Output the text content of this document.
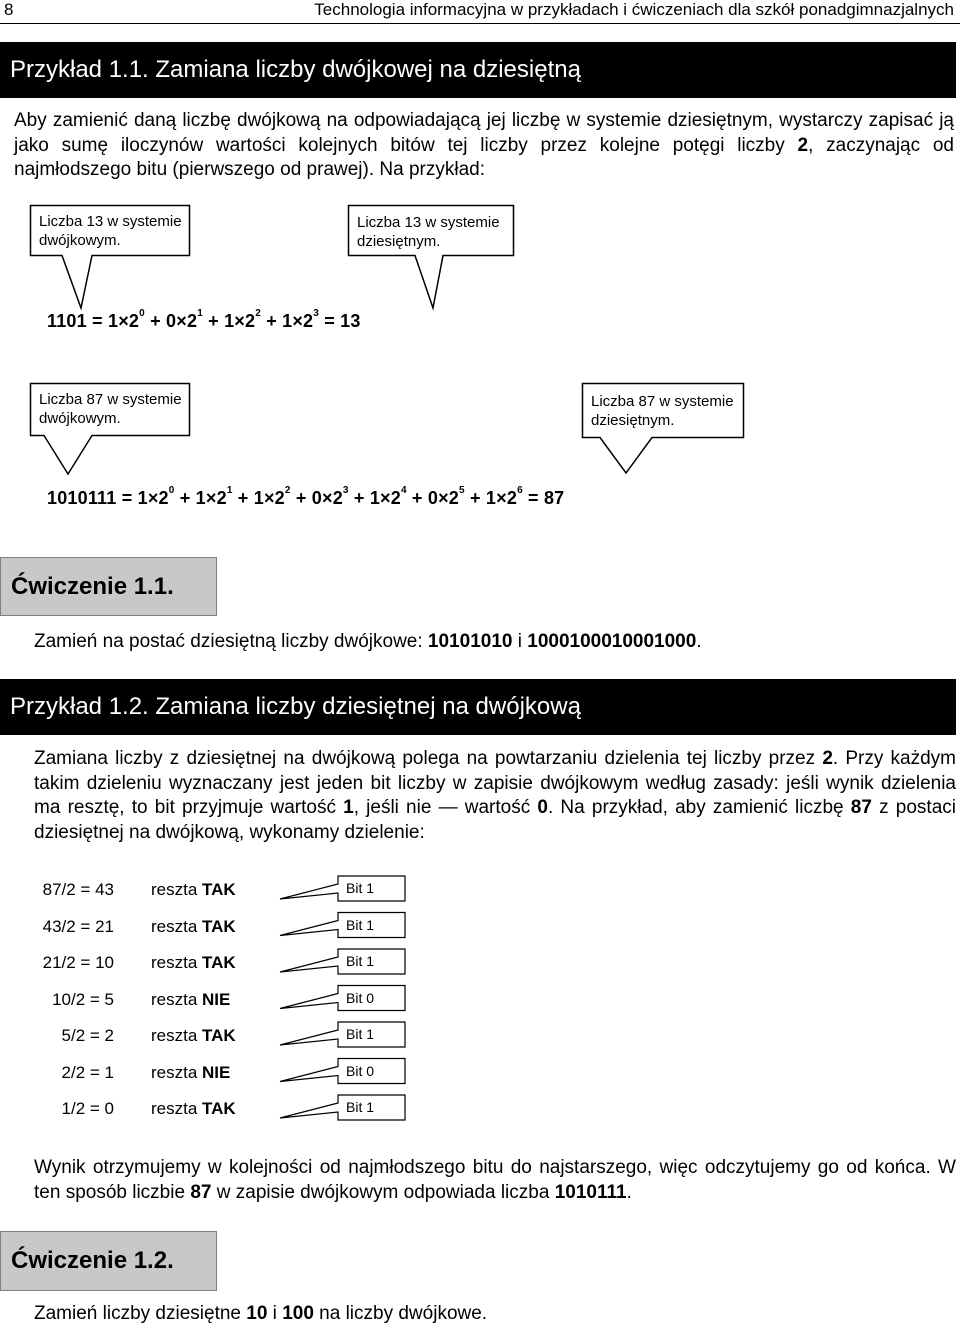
8	Technologia informacyjna w przykładach i ćwiczeniach dla szkół ponadgimnazjalnych
Przykład 1.1. Zamiana liczby dwójkowej na dziesiętną
Aby zamienić daną liczbę dwójkową na odpowiadającą jej liczbę w systemie dziesiętnym, wystarczy zapisać ją jako sumę iloczynów wartości kolejnych bitów tej liczby przez kolejne potęgi liczby 2, zaczynając od najmłodszego bitu (pierwszego od prawej). Na przykład:
Liczba 13 w systemie
dwójkowym.
Liczba 13 w systemie
dziesiętnym.
$1101 = 1\times 2^0 + 0\times 2^1 + 1\times 2^2 + 1\times 2^3 = 13$
Liczba 87 w systemie
dwójkowym.
Liczba 87 w systemie
dziesiętnym.
$1010111 = 1\times 2^0 + 1\times 2^1 + 1\times 2^2 + 0\times 2^3 + 1\times 2^4 + 0\times 2^5 + 1\times 2^6 = 87$
Ćwiczenie 1.1.
Zamień na postać dziesiętną liczby dwójkowe: 10101010 i 1000100010001000.
Przykład 1.2. Zamiana liczby dziesiętnej na dwójkową
Zamiana liczby z dziesiętnej na dwójkową polega na powtarzaniu dzielenia tej liczby przez 2. Przy każdym takim dzieleniu wyznaczany jest jeden bit liczby w zapisie dwójkowym według zasady: jeśli wynik dzielenia ma resztę, to bit przyjmuje wartość 1, jeśli nie — wartość 0. Na przykład, aby zamienić liczbę 87 z postaci dziesiętnej na dwójkową, wykonamy dzielenie:
87/2 = 43 reszta TAK	Bit 1
43/2 = 21 reszta TAK	Bit 1
21/2 = 10 reszta TAK	Bit 1
10/2 = 5 reszta NIE	Bit 0
5/2 = 2 reszta TAK	Bit 1
2/2 = 1 reszta NIE	Bit 0
1/2 = 0 reszta TAK	Bit 1
Wynik otrzymujemy w kolejności od najmłodszego bitu do najstarszego, więc odczytujemy go od końca. W ten sposób liczbie 87 w zapisie dwójkowym odpowiada liczba 1010111.
Ćwiczenie 1.2.
Zamień liczby dziesiętne 10 i 100 na liczby dwójkowe.
